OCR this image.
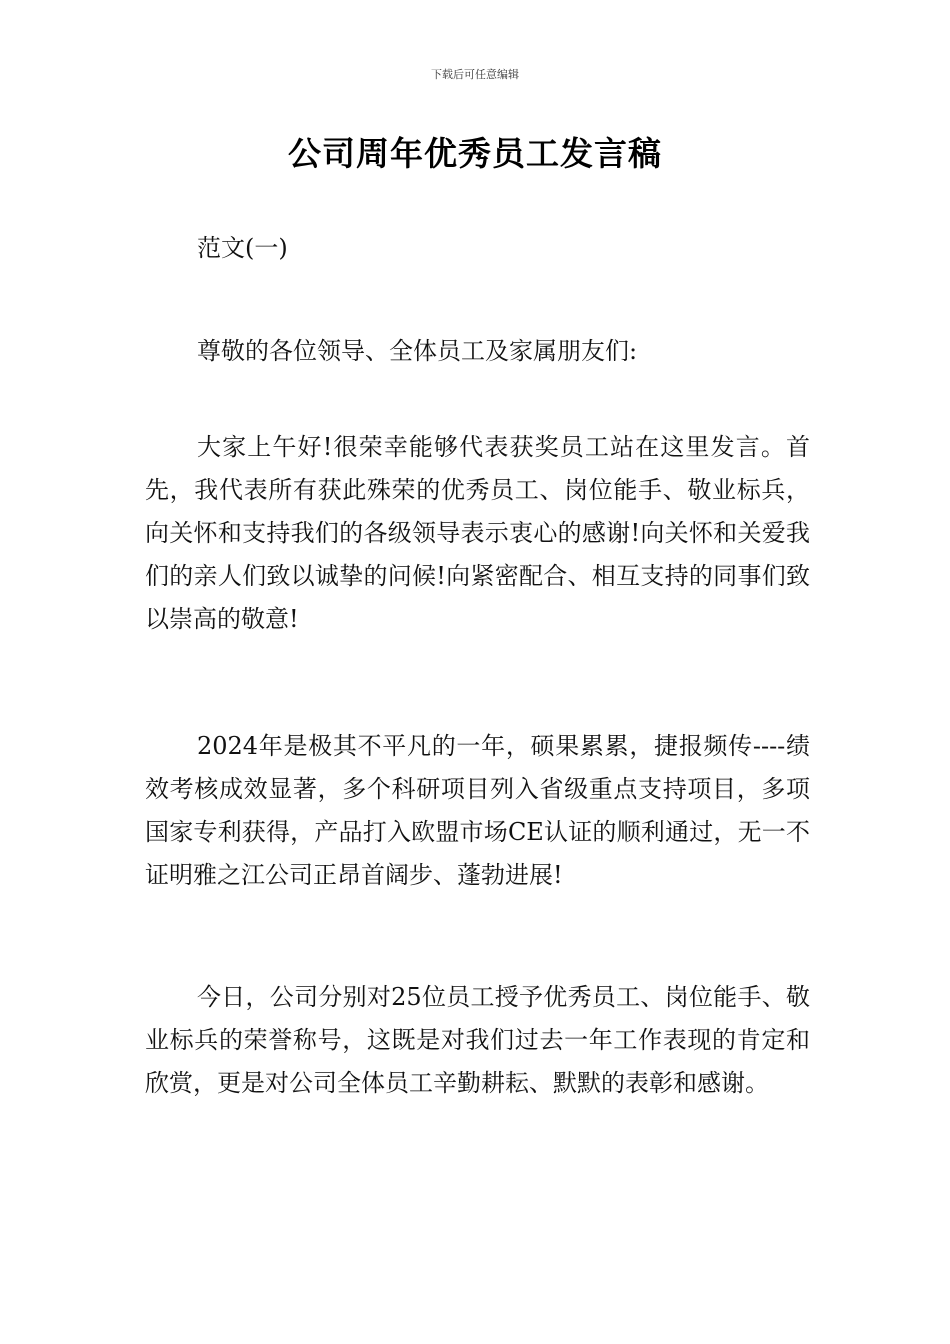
下载后可任意编辑
公司周年优秀员工发言稿

范文(一)

尊敬的各位领导、全体员工及家属朋友们:

大家上午好!很荣幸能够代表获奖员工站在这里发言。首先，我代表所有获此殊荣的优秀员工、岗位能手、敬业标兵，向关怀和支持我们的各级领导表示衷心的感谢!向关怀和关爱我们的亲人们致以诚挚的问候!向紧密配合、相互支持的同事们致以崇高的敬意!

2024年是极其不平凡的一年，硕果累累，捷报频传----绩效考核成效显著，多个科研项目列入省级重点支持项目，多项国家专利获得，产品打入欧盟市场CE认证的顺利通过，无一不证明雅之江公司正昂首阔步、蓬勃进展!

今日，公司分别对25位员工授予优秀员工、岗位能手、敬业标兵的荣誉称号，这既是对我们过去一年工作表现的肯定和欣赏，更是对公司全体员工辛勤耕耘、默默的表彰和感谢。
